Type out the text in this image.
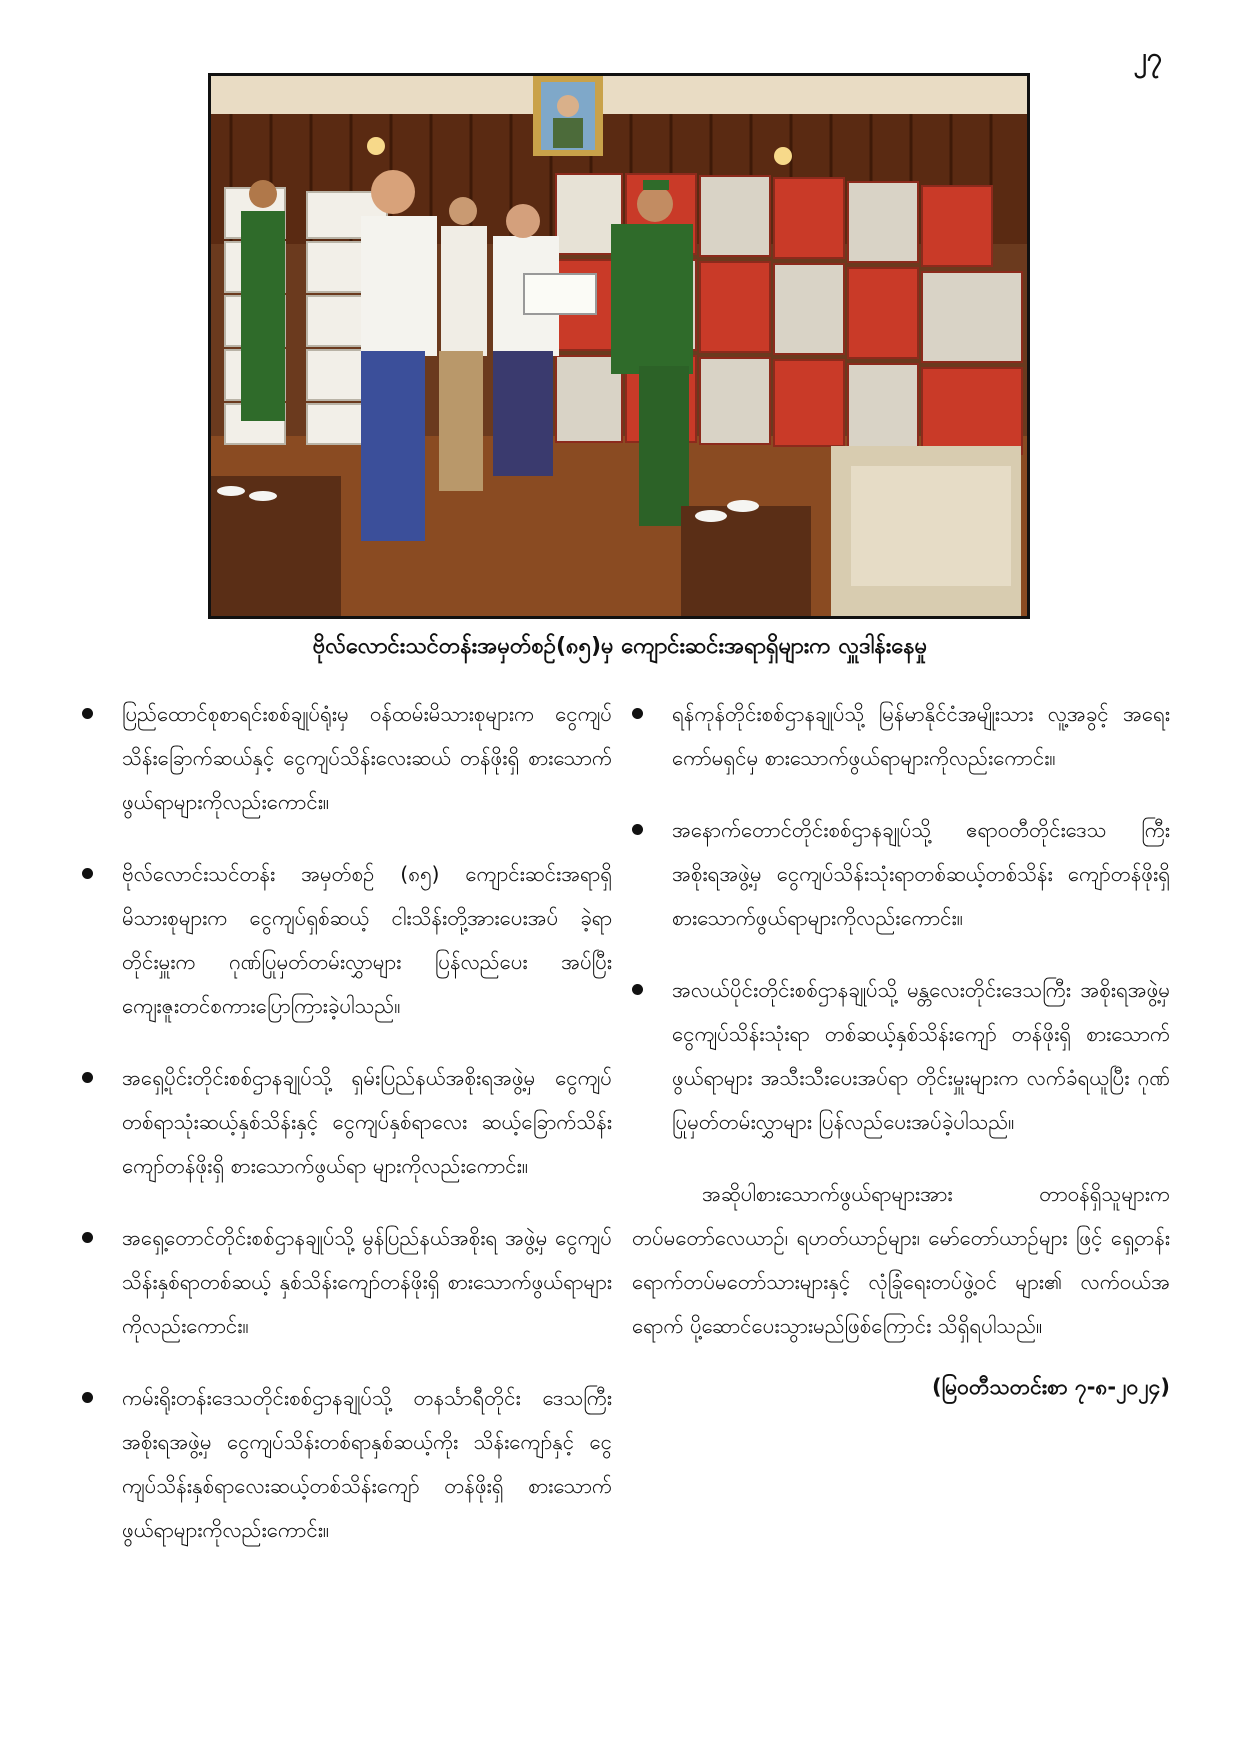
၂၇
ဗိုလ်လောင်းသင်တန်းအမှတ်စဉ်(၈၅)မှ ကျောင်းဆင်းအရာရှိများက လှူဒါန်းနေမှု
ပြည်ထောင်စုစာရင်းစစ်ချုပ်ရုံးမှ ဝန်ထမ်းမိသားစုများက ငွေကျပ်သိန်းခြောက်ဆယ်နှင့် ငွေကျပ်သိန်းလေးဆယ် တန်ဖိုးရှိ စားသောက်ဖွယ်ရာများကိုလည်းကောင်း။
ဗိုလ်လောင်းသင်တန်း အမှတ်စဉ် (၈၅) ကျောင်းဆင်းအရာရှိ မိသားစုများက ငွေကျပ်ရှစ်ဆယ့် ငါးသိန်းတို့အားပေးအပ် ခဲ့ရာ တိုင်းမှူးက ဂုဏ်ပြုမှတ်တမ်းလွှာများ ပြန်လည်ပေး အပ်ပြီး ကျေးဇူးတင်စကားပြောကြားခဲ့ပါသည်။
အရှေ့ပိုင်းတိုင်းစစ်ဌာနချုပ်သို့ ရှမ်းပြည်နယ်အစိုးရအဖွဲ့မှ ငွေကျပ်တစ်ရာသုံးဆယ့်နှစ်သိန်းနှင့် ငွေကျပ်နှစ်ရာလေး ဆယ့်ခြောက်သိန်းကျော်တန်ဖိုးရှိ စားသောက်ဖွယ်ရာ များကိုလည်းကောင်း။
အရှေ့တောင်တိုင်းစစ်ဌာနချုပ်သို့ မွန်ပြည်နယ်အစိုးရ အဖွဲ့မှ ငွေကျပ်သိန်းနှစ်ရာတစ်ဆယ့် နှစ်သိန်းကျော်တန်ဖိုးရှိ စားသောက်ဖွယ်ရာများကိုလည်းကောင်း။
ကမ်းရိုးတန်းဒေသတိုင်းစစ်ဌာနချုပ်သို့ တနင်္သာရီတိုင်း ဒေသကြီးအစိုးရအဖွဲ့မှ ငွေကျပ်သိန်းတစ်ရာနှစ်ဆယ့်ကိုး သိန်းကျော်နှင့် ငွေကျပ်သိန်းနှစ်ရာလေးဆယ့်တစ်သိန်းကျော် တန်ဖိုးရှိ စားသောက်ဖွယ်ရာများကိုလည်းကောင်း။
ရန်ကုန်တိုင်းစစ်ဌာနချုပ်သို့ မြန်မာနိုင်ငံအမျိုးသား လူ့အခွင့် အရေးကော်မရှင်မှ စားသောက်ဖွယ်ရာများကိုလည်းကောင်း။
အနောက်တောင်တိုင်းစစ်ဌာနချုပ်သို့ ဧရာဝတီတိုင်းဒေသ ကြီးအစိုးရအဖွဲ့မှ ငွေကျပ်သိန်းသုံးရာတစ်ဆယ့်တစ်သိန်း ကျော်တန်ဖိုးရှိ စားသောက်ဖွယ်ရာများကိုလည်းကောင်း။
အလယ်ပိုင်းတိုင်းစစ်ဌာနချုပ်သို့ မန္တလေးတိုင်းဒေသကြီး အစိုးရအဖွဲ့မှ ငွေကျပ်သိန်းသုံးရာ တစ်ဆယ့်နှစ်သိန်းကျော် တန်ဖိုးရှိ စားသောက်ဖွယ်ရာများ အသီးသီးပေးအပ်ရာ တိုင်းမှူးများက လက်ခံရယူပြီး ဂုဏ်ပြုမှတ်တမ်းလွှာများ ပြန်လည်ပေးအပ်ခဲ့ပါသည်။
အဆိုပါစားသောက်ဖွယ်ရာများအား တာဝန်ရှိသူများက တပ်မတော်လေယာဉ်၊ ရဟတ်ယာဉ်များ၊ မော်တော်ယာဉ်များ ဖြင့် ရှေ့တန်းရောက်တပ်မတော်သားများနှင့် လုံခြုံရေးတပ်ဖွဲ့ဝင် များ၏ လက်ဝယ်အရောက် ပို့ဆောင်ပေးသွားမည်ဖြစ်ကြောင်း သိရှိရပါသည်။
(မြဝတီသတင်းစာ ၇-၈-၂၀၂၄)
